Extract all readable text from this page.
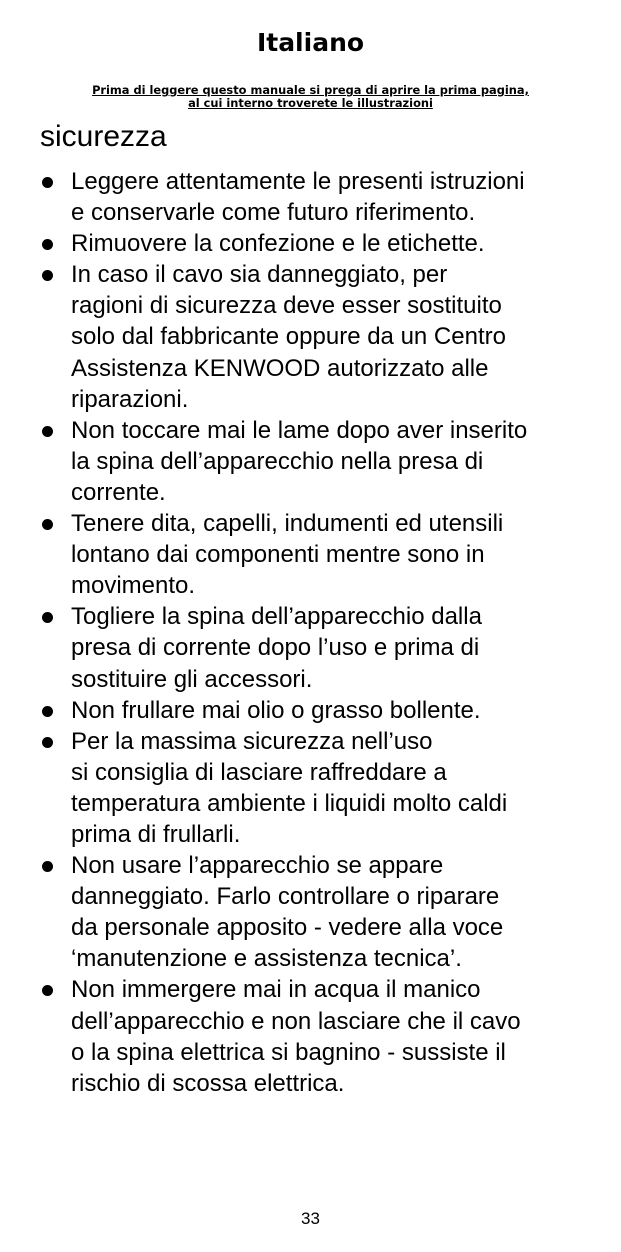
Italiano

Prima di leggere questo manuale si prega di aprire la prima pagina,
al cui interno troverete le illustrazioni

sicurezza
Leggere attentamente le presenti istruzioni
e conservarle come futuro riferimento.
Rimuovere la confezione e le etichette.
In caso il cavo sia danneggiato, per
ragioni di sicurezza deve esser sostituito
solo dal fabbricante oppure da un Centro
Assistenza KENWOOD autorizzato alle
riparazioni.
Non toccare mai le lame dopo aver inserito
la spina dell’apparecchio nella presa di
corrente.
Tenere dita, capelli, indumenti ed utensili
lontano dai componenti mentre sono in
movimento.
Togliere la spina dell’apparecchio dalla
presa di corrente dopo l’uso e prima di
sostituire gli accessori.
Non frullare mai olio o grasso bollente.
Per la massima sicurezza nell’uso
si consiglia di lasciare raffreddare a
temperatura ambiente i liquidi molto caldi
prima di frullarli.
Non usare l’apparecchio se appare
danneggiato. Farlo controllare o riparare
da personale apposito - vedere alla voce
‘manutenzione e assistenza tecnica’.
Non immergere mai in acqua il manico
dell’apparecchio e non lasciare che il cavo
o la spina elettrica si bagnino - sussiste il
rischio di scossa elettrica.
33
